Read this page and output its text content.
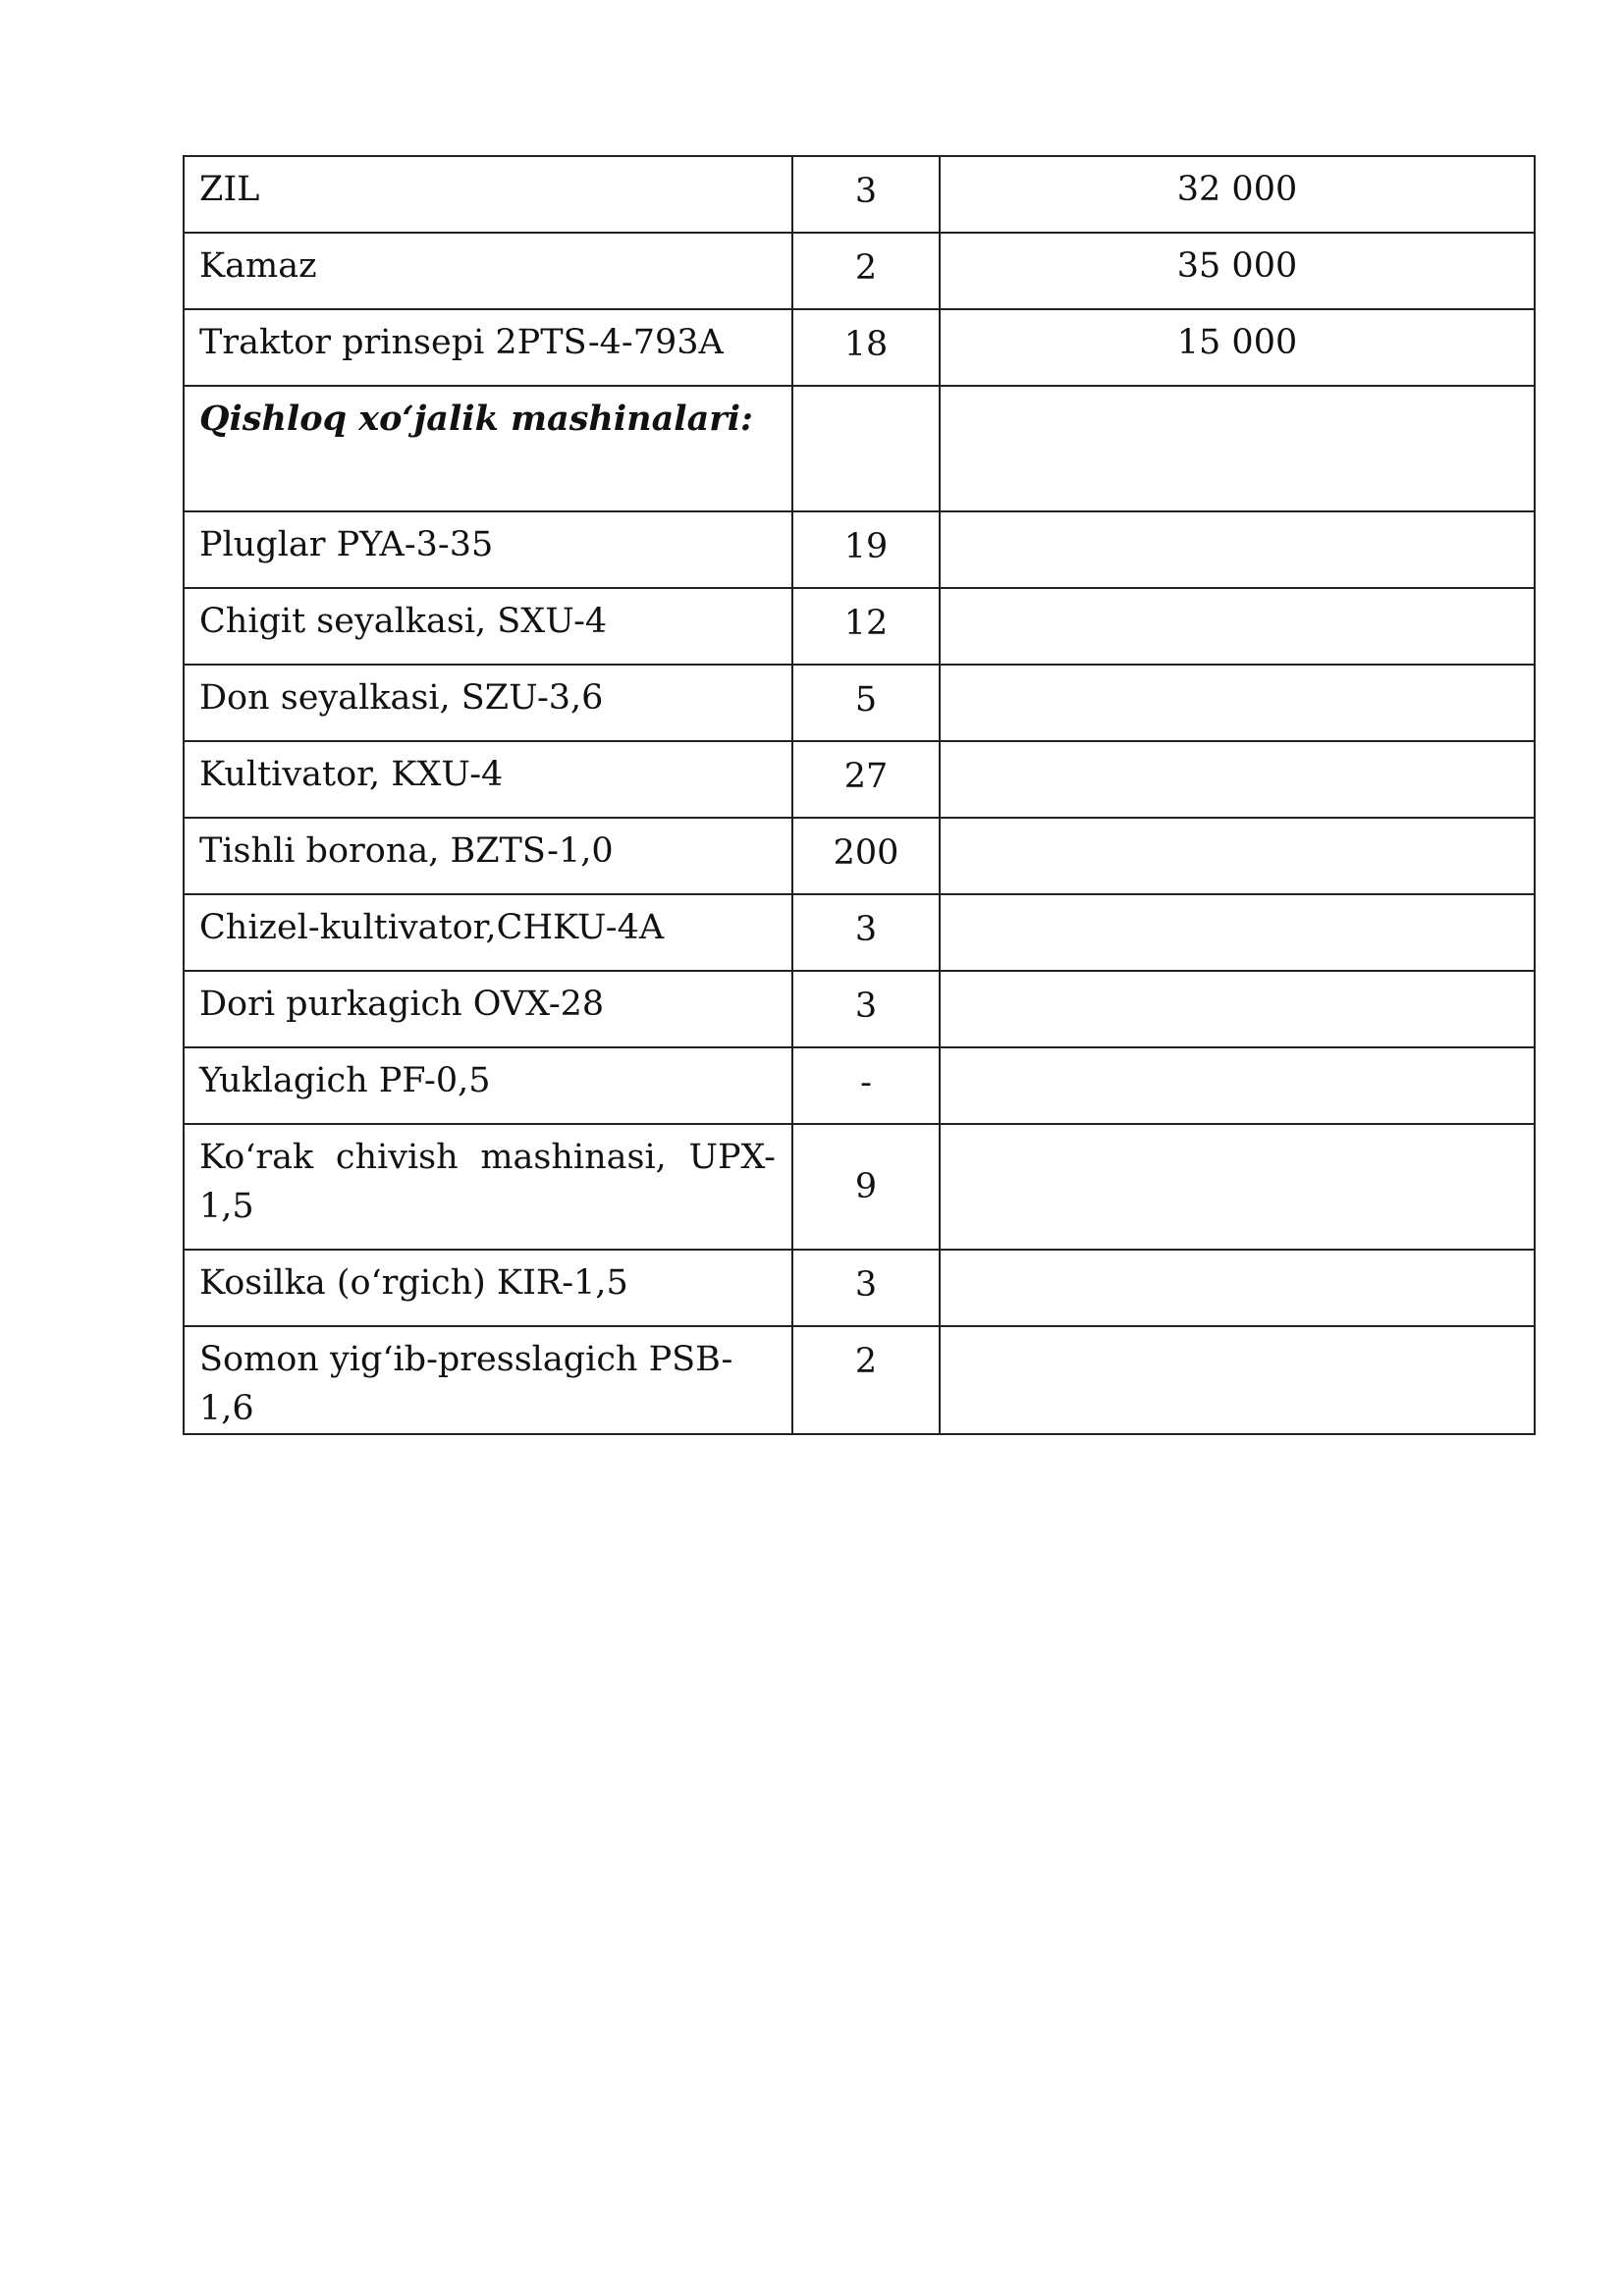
ZIL	3	32 000
Kamaz	2	35 000
Traktor prinsepi 2PTS-4-793A	18	15 000
Qishloq xo‘jalik mashinalari:		
Pluglar PYA-3-35	19	
Chigit seyalkasi, SXU-4	12	
Don seyalkasi, SZU-3,6	5	
Kultivator, KXU-4	27	
Tishli borona, BZTS-1,0	200	
Chizel-kultivator,CHKU-4A	3	
Dori purkagich OVX-28	3	
Yuklagich PF-0,5	-	
Ko‘rak chivish mashinasi, UPX-1,5	9	
Kosilka (o‘rgich) KIR-1,5	3	
Somon yig‘ib-presslagich PSB-1,6	2	
